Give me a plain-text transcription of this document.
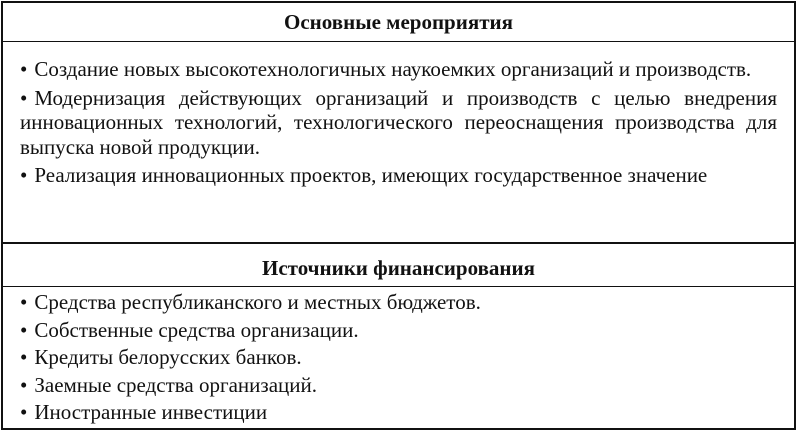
Основные мероприятия
• Создание новых высокотехнологичных наукоемких организаций и производств.
• Модернизация действующих организаций и производств с целью внедрения инновационных технологий, технологического переоснащения производства для выпуска новой продукции.
• Реализация инновационных проектов, имеющих государственное значение
Источники финансирования
• Средства республиканского и местных бюджетов.
• Собственные средства организации.
• Кредиты белорусских банков.
• Заемные средства организаций.
• Иностранные инвестиции
